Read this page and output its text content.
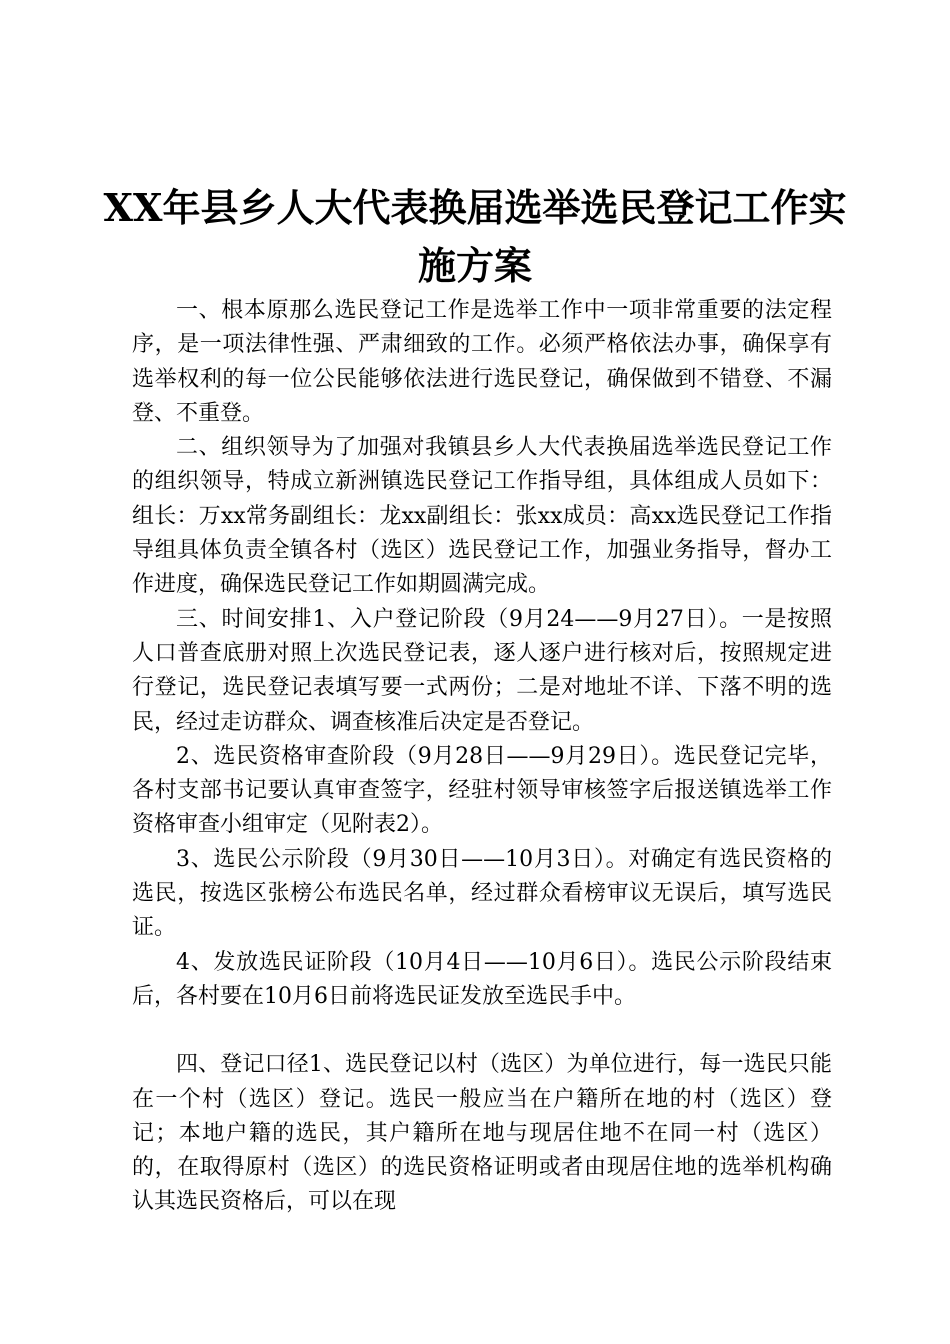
XX年县乡人大代表换届选举选民登记工作实
施方案

一、根本原那么选民登记工作是选举工作中一项非常重要的法定程序，是一项法律性强、严肃细致的工作。必须严格依法办事，确保享有选举权利的每一位公民能够依法进行选民登记，确保做到不错登、不漏登、不重登。

二、组织领导为了加强对我镇县乡人大代表换届选举选民登记工作的组织领导，特成立新洲镇选民登记工作指导组，具体组成人员如下：组长：万xx常务副组长：龙xx副组长：张xx成员：高xx选民登记工作指导组具体负责全镇各村（选区）选民登记工作，加强业务指导，督办工作进度，确保选民登记工作如期圆满完成。

三、时间安排1、入户登记阶段（9月24——9月27日）。一是按照人口普查底册对照上次选民登记表，逐人逐户进行核对后，按照规定进行登记，选民登记表填写要一式两份；二是对地址不详、下落不明的选民，经过走访群众、调查核准后决定是否登记。

2、选民资格审查阶段（9月28日——9月29日）。选民登记完毕，各村支部书记要认真审查签字，经驻村领导审核签字后报送镇选举工作资格审查小组审定（见附表2）。

3、选民公示阶段（9月30日——10月3日）。对确定有选民资格的选民，按选区张榜公布选民名单，经过群众看榜审议无误后，填写选民证。

4、发放选民证阶段（10月4日——10月6日）。选民公示阶段结束后，各村要在10月6日前将选民证发放至选民手中。

四、登记口径1、选民登记以村（选区）为单位进行，每一选民只能在一个村（选区）登记。选民一般应当在户籍所在地的村（选区）登记；本地户籍的选民，其户籍所在地与现居住地不在同一村（选区）的，在取得原村（选区）的选民资格证明或者由现居住地的选举机构确认其选民资格后，可以在现
